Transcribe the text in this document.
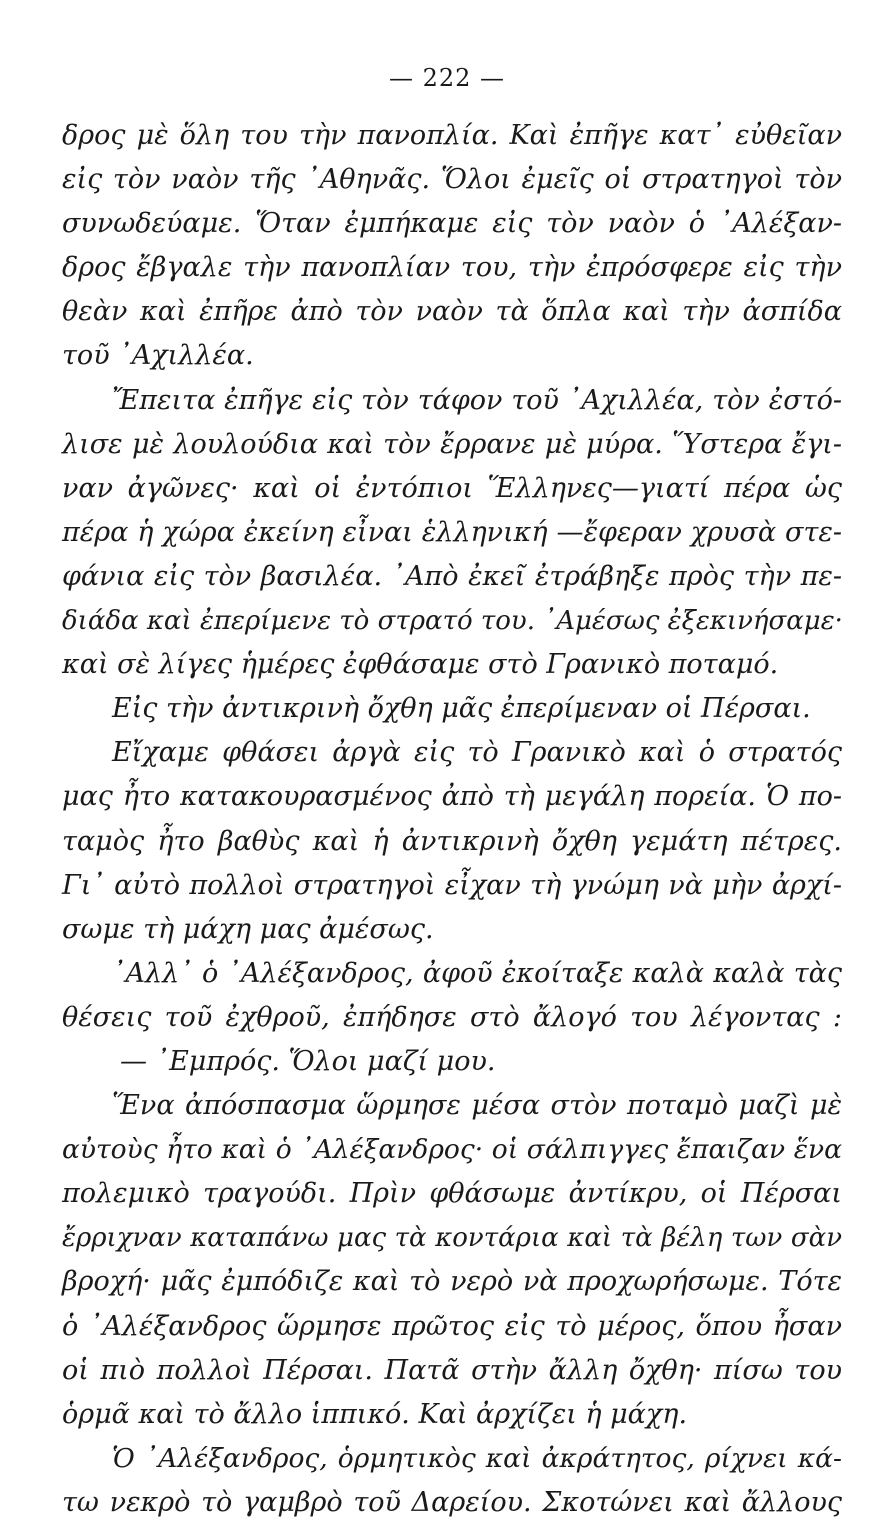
— 222 —
δρος μὲ ὅλη του τὴν πανοπλία. Καὶ ἐπῆγε κατ᾽ εὐθεῖαν
εἰς τὸν ναὸν τῆς ᾿Αθηνᾶς. Ὅλοι ἐμεῖς οἱ στρατηγοὶ τὸν
συνωδεύαμε. Ὅταν ἐμπήκαμε εἰς τὸν ναὸν ὁ ᾿Αλέξαν-
δρος ἔβγαλε τὴν πανοπλίαν του, τὴν ἐπρόσφερε εἰς τὴν
θεὰν καὶ ἐπῆρε ἀπὸ τὸν ναὸν τὰ ὅπλα καὶ τὴν ἀσπίδα
τοῦ ᾿Αχιλλέα.
Ἔπειτα ἐπῆγε εἰς τὸν τάφον τοῦ ᾿Αχιλλέα, τὸν ἐστό-
λισε μὲ λουλούδια καὶ τὸν ἔρρανε μὲ μύρα. Ὕστερα ἔγι-
ναν ἀγῶνες· καὶ οἱ ἐντόπιοι Ἕλληνες—γιατί πέρα ὡς
πέρα ἡ χώρα ἐκείνη εἶναι ἑλληνική —ἔφεραν χρυσὰ στε-
φάνια εἰς τὸν βασιλέα. ᾿Απὸ ἐκεῖ ἐτράβηξε πρὸς τὴν πε-
διάδα καὶ ἐπερίμενε τὸ στρατό του. ᾿Αμέσως ἐξεκινήσαμε·
καὶ σὲ λίγες ἡμέρες ἐφθάσαμε στὸ Γρανικὸ ποταμό.
Εἰς τὴν ἀντικρινὴ ὄχθη μᾶς ἐπερίμεναν οἱ Πέρσαι.
Εἴχαμε φθάσει ἀργὰ εἰς τὸ Γρανικὸ καὶ ὁ στρατός
μας ἦτο κατακουρασμένος ἀπὸ τὴ μεγάλη πορεία. Ὁ πο-
ταμὸς ἦτο βαθὺς καὶ ἡ ἀντικρινὴ ὄχθη γεμάτη πέτρες.
Γι᾽ αὐτὸ πολλοὶ στρατηγοὶ εἶχαν τὴ γνώμη νὰ μὴν ἀρχί-
σωμε τὴ μάχη μας ἀμέσως.
᾿Αλλ᾽ ὁ ᾿Αλέξανδρος, ἀφοῦ ἐκοίταξε καλὰ καλὰ τὰς
θέσεις τοῦ ἐχθροῦ, ἐπήδησε στὸ ἄλογό του λέγοντας :
— ᾿Εμπρός. Ὅλοι μαζί μου.
Ἕνα ἀπόσπασμα ὥρμησε μέσα στὸν ποταμὸ μαζὶ μὲ
αὐτοὺς ἦτο καὶ ὁ ᾿Αλέξανδρος· οἱ σάλπιγγες ἔπαιζαν ἕνα
πολεμικὸ τραγούδι. Πρὶν φθάσωμε ἀντίκρυ, οἱ Πέρσαι
ἔρριχναν καταπάνω μας τὰ κοντάρια καὶ τὰ βέλη των σὰν
βροχή· μᾶς ἐμπόδιζε καὶ τὸ νερὸ νὰ προχωρήσωμε. Τότε
ὁ ᾿Αλέξανδρος ὥρμησε πρῶτος εἰς τὸ μέρος, ὅπου ἦσαν
οἱ πιὸ πολλοὶ Πέρσαι. Πατᾶ στὴν ἄλλη ὄχθη· πίσω του
ὁρμᾶ καὶ τὸ ἄλλο ἱππικό. Καὶ ἀρχίζει ἡ μάχη.
Ὁ ᾿Αλέξανδρος, ὁρμητικὸς καὶ ἀκράτητος, ρίχνει κά-
τω νεκρὸ τὸ γαμβρὸ τοῦ Δαρείου. Σκοτώνει καὶ ἄλλους
